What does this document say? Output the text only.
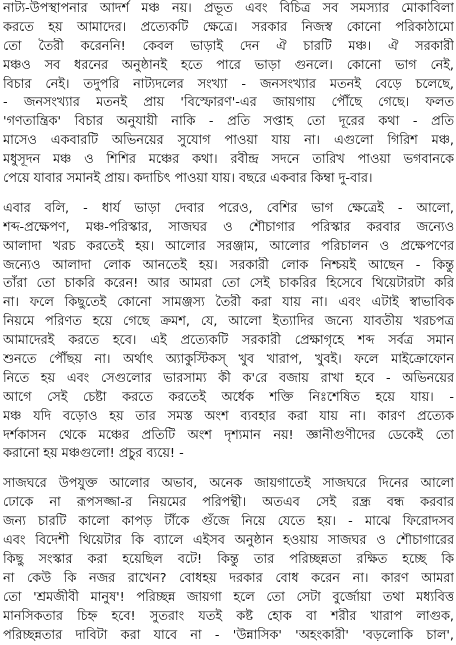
নাট্য-উপস্থাপনার আদর্শ মঞ্চ নয়। প্রভূত এবং বিচিত্র সব সমস্যার মোকাবিলা
করতে হয় আমাদের। প্রত্যেকটি ক্ষেত্রে। সরকার নিজস্ব কোনো পরিকাঠামো
তো তৈরী করেননি! কেবল ভাড়াই দেন ঐ চারটি মঞ্চ। ঐ সরকারী
মঞ্চও সব ধরনের অনুষ্ঠানই হতে পারে ভাড়া গুনলে। কোনো ভাগ নেই,
বিচার নেই। তদুপরি নাট্যদলের সংখ্যা - জনসংখ্যার মতনই বেড়ে চলেছে,
- জনসংখ্যার মতনই প্রায় 'বিস্ফোরণ'-এর জায়গায় পৌঁছে গেছে। ফলত
'গণতান্ত্রিক' বিচার অনুযায়ী নাকি - প্রতি সপ্তাহ তো দূরের কথা - প্রতি
মাসেও একবারটি অভিনয়ের সুযোগ পাওয়া যায় না। এগুলো গিরিশ মঞ্চ,
মধুসূদন মঞ্চ ও শিশির মঞ্চের কথা। রবীন্দ্র সদনে তারিখ পাওয়া ভগবানকে
পেয়ে যাবার সমানই প্রায়। কদাচিৎ পাওয়া যায়। বছরে একবার কিম্বা দু-বার।

এবার বলি, - ধার্য ভাড়া দেবার পরেও, বেশির ভাগ ক্ষেত্রেই - আলো,
শব্দ-প্রক্ষেপণ, মঞ্চ-পরিস্কার, সাজঘর ও শৌচাগার পরিস্কার করবার জন্যেও
আলাদা খরচ করতেই হয়। আলোর সরঞ্জাম, আলোর পরিচালন ও প্রক্ষেপণের
জন্যেও আলাদা লোক আনতেই হয়। সরকারী লোক নিশ্চয়ই আছেন - কিন্তু
তাঁরা তো চাকরি করেন! আর আমরা তো সেই চাকরির হিসেবে থিয়েটারটা করি
না। ফলে কিছুতেই কোনো সামঞ্জস্য তৈরী করা যায় না। এবং এটাই স্বাভাবিক
নিয়মে পরিণত হয়ে গেছে ক্রমশ, যে, আলো ইত্যাদির জন্যে যাবতীয় খরচপত্র
আমাদেরই করতে হবে। এই প্রত্যেকটি সরকারী প্রেক্ষাগৃহে শব্দ সর্বত্র সমান
শুনতে পৌঁছয় না। অর্থাৎ অ্যাকুস্টিকস্ খুব খারাপ, খুবই। ফলে মাইক্রোফোন
নিতে হয় এবং সেগুলোর ভারসাম্য কী ক'রে বজায় রাখা হবে - অভিনয়ের
আগে সেই চেষ্টা করতে করতেই অর্ধেক শক্তি নিঃশেষিত হয়ে যায়। -
মঞ্চ যদি বড়োও হয় তার সমস্ত অংশ ব্যবহার করা যায় না। কারণ প্রত্যেক
দর্শকাসন থেকে মঞ্চের প্রতিটি অংশ দৃশ্যমান নয়! জ্ঞানীগুণীদের ডেকেই তো
করানো হয় মঞ্চগুলো! প্রচুর ব্যয়ে! -

সাজঘরে উপযুক্ত আলোর অভাব, অনেক জায়গাতেই সাজঘরে দিনের আলো
ঢোকে না রূপসজ্জা-র নিয়মের পরিপন্থী। অতএব সেই রন্ধ্র বন্ধ করবার
জন্য চারটি কালো কাপড় টাঁকে গুঁজে নিয়ে যেতে হয়। - মাঝে ফিরোদসব
এবং বিদেশী থিয়েটার কি ব্যালে এইসব অনুষ্ঠান হওয়ায় সাজঘর ও শৌচাগারের
কিছু সংস্কার করা হয়েছিল বটে! কিন্তু তার পরিচ্ছন্নতা রক্ষিত হচ্ছে কি
না কেউ কি নজর রাখেন? বোধহয় দরকার বোধ করেন না। কারণ আমরা
তো 'শ্রমজীবী মানুষ'! পরিচ্ছন্ন জায়গা হলে তো সেটা বুর্জোয়া তথা মধ্যবিত্ত
মানসিকতার চিহ্ন হবে! সুতরাং যতই কষ্ট হোক বা শরীর খারাপ লাগুক,
পরিচ্ছন্নতার দাবিটা করা যাবে না - 'উন্নাসিক' 'অহংকারী' 'বড়লোকি চাল',
